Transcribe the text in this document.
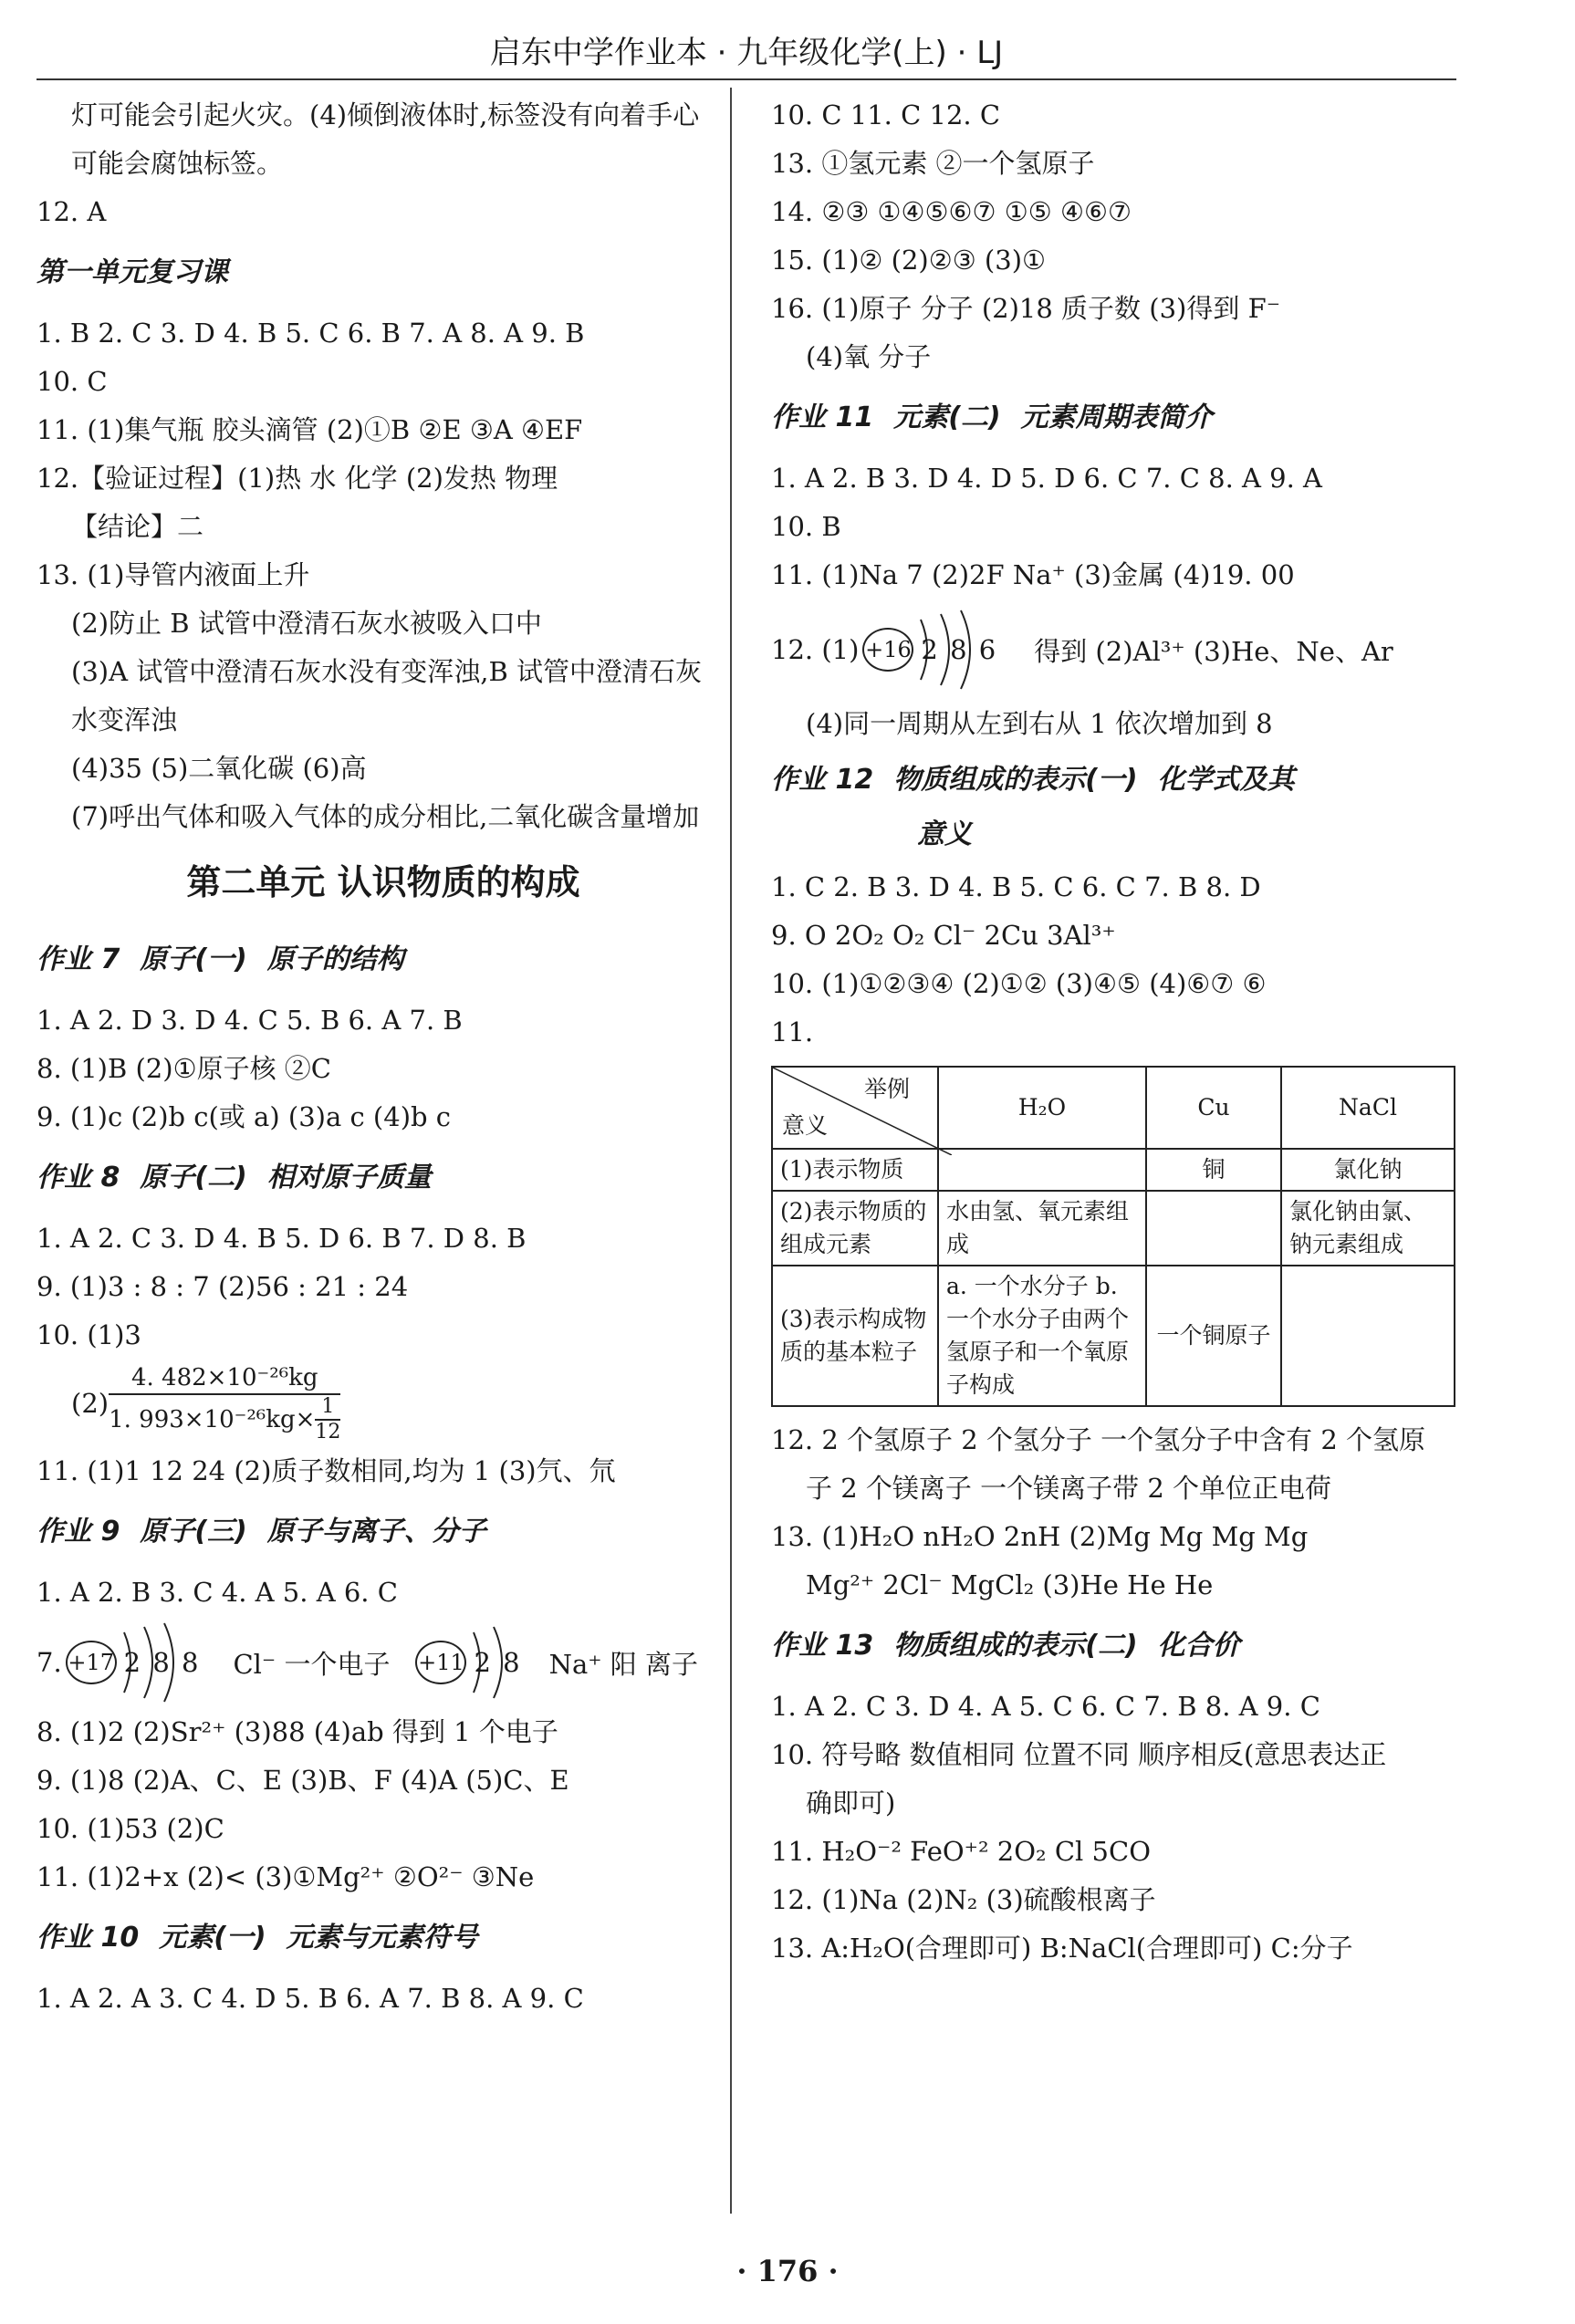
启东中学作业本 · 九年级化学(上) · LJ
灯可能会引起火灾。(4)倾倒液体时,标签没有向着手心
可能会腐蚀标签。
12. A
第一单元复习课
1. B 2. C 3. D 4. B 5. C 6. B 7. A 8. A 9. B
10. C
11. (1)集气瓶 胶头滴管 (2)①B ②E ③A ④EF
12.【验证过程】(1)热 水 化学 (2)发热 物理
【结论】二
13. (1)导管内液面上升
(2)防止 B 试管中澄清石灰水被吸入口中
(3)A 试管中澄清石灰水没有变浑浊,B 试管中澄清石灰
水变浑浊
(4)35 (5)二氧化碳 (6)高
(7)呼出气体和吸入气体的成分相比,二氧化碳含量增加
第二单元 认识物质的构成
作业 7 原子(一) 原子的结构
1. A 2. D 3. D 4. C 5. B 6. A 7. B
8. (1)B (2)①原子核 ②C
9. (1)c (2)b c(或 a) (3)a c (4)b c
作业 8 原子(二) 相对原子质量
1. A 2. C 3. D 4. B 5. D 6. B 7. D 8. B
9. (1)3 : 8 : 7 (2)56 : 21 : 24
10. (1)3
$(2) \frac{\text{4. 482×10⁻²⁶kg}}{1. 993\times 10^{-26}kg\times \frac{1}{12}}$
11. (1)1 12 24 (2)质子数相同,均为 1 (3)氕、氘
作业 9 原子(三) 原子与离子、分子
1. A 2. B 3. C 4. A 5. A 6. C
7. +17 2 8 8 Cl⁻ 一个电子 +11 2 8 Na⁺ 阳 离子
8. (1)2 (2)Sr²⁺ (3)88 (4)ab 得到 1 个电子
9. (1)8 (2)A、C、E (3)B、F (4)A (5)C、E
10. (1)53 (2)C
11. (1)2+x (2)< (3)①Mg²⁺ ②O²⁻ ③Ne
作业 10 元素(一) 元素与元素符号
1. A 2. A 3. C 4. D 5. B 6. A 7. B 8. A 9. C
10. C 11. C 12. C
13. ①氢元素 ②一个氢原子
14. ②③ ①④⑤⑥⑦ ①⑤ ④⑥⑦
15. (1)② (2)②③ (3)①
16. (1)原子 分子 (2)18 质子数 (3)得到 F⁻
(4)氧 分子
作业 11 元素(二) 元素周期表简介
1. A 2. B 3. D 4. D 5. D 6. C 7. C 8. A 9. A
10. B
11. (1)Na 7 (2)2F Na⁺ (3)金属 (4)19. 00
12. (1) +16 2 8 6 得到 (2)Al³⁺ (3)He、Ne、Ar
(4)同一周期从左到右从 1 依次增加到 8
作业 12 物质组成的表示(一) 化学式及其
意义
1. C 2. B 3. D 4. B 5. C 6. C 7. B 8. D
9. O 2O₂ O₂ Cl⁻ 2Cu 3Al³⁺
10. (1)①②③④ (2)①② (3)④⑤ (4)⑥⑦ ⑥
11.
举例
意义	H₂O	Cu	NaCl
(1)表示物质		铜	氯化钠
(2)表示物质的组成元素	水由氢、氧元素组成		氯化钠由氯、钠元素组成
(3)表示构成物质的基本粒子	a. 一个水分子 b. 一个水分子由两个氢原子和一个氧原子构成	一个铜原子	
12. 2 个氢原子 2 个氢分子 一个氢分子中含有 2 个氢原
子 2 个镁离子 一个镁离子带 2 个单位正电荷
13. (1)H₂O nH₂O 2nH (2)Mg Mg Mg Mg
Mg²⁺ 2Cl⁻ MgCl₂ (3)He He He
作业 13 物质组成的表示(二) 化合价
1. A 2. C 3. D 4. A 5. C 6. C 7. B 8. A 9. C
10. 符号略 数值相同 位置不同 顺序相反(意思表达正
确即可)
11. H₂O⁻² FeO⁺² 2O₂ Cl 5CO
12. (1)Na (2)N₂ (3)硫酸根离子
13. A:H₂O(合理即可) B:NaCl(合理即可) C:分子
· 176 ·
